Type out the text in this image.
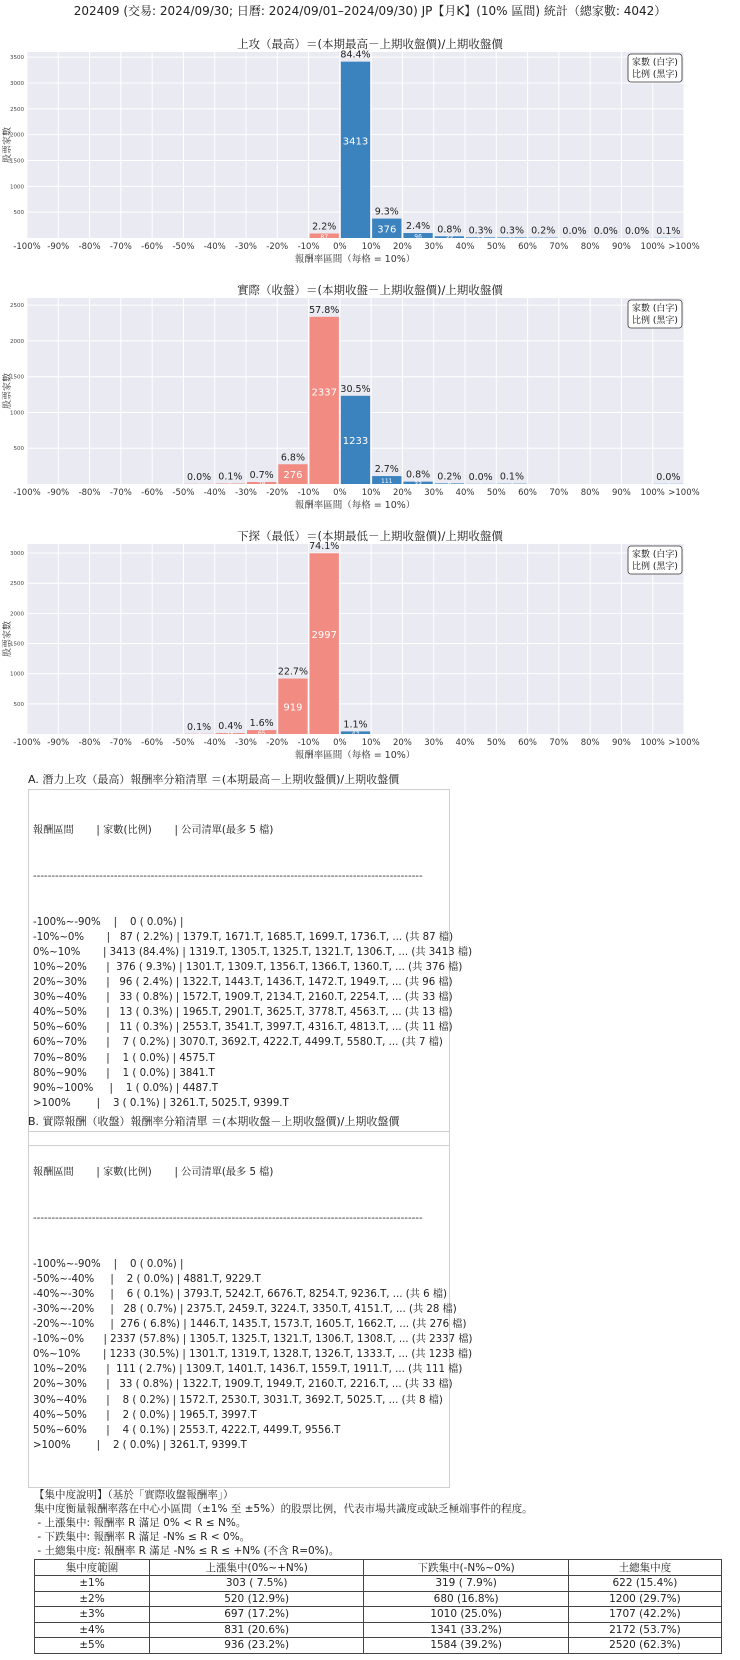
202409 (交易: 2024/09/30; 日曆: 2024/09/01–2024/09/30) JP【月K】(10% 區間) 統計（總家數: 4042）
上攻（最高）＝(本期最高－上期收盤價)/上期收盤價
500
1000
1500
2000
2500
3000
3500
-100% -90% -80% -70% -60% -50% -40% -30% -20% -10% 0% 10% 20% 30% 40% 50% 60% 70% 80% 90% 100% >100%
2.2%
87
84.4%
3413
9.3%
376 2.4%
96
0.8%
33
0.3%
13
0.3%
11
0.2%
7
0.0%
1
0.0%
1
0.0%
1
0.1%
3
報酬率區間（每格 = 10%）
股票家數
家數 (白字)
比例 (黑字)
實際（收盤）＝(本期收盤－上期收盤價)/上期收盤價
500
1000
1500
2000
2500
-100% -90% -80% -70% -60% -50% -40% -30% -20% -10% 0% 10% 20% 30% 40% 50% 60% 70% 80% 90% 100% >100%
0.0%
2
0.1%
6
0.7%
28
6.8%
276
57.8%
2337 30.5%
1233
2.7%
111
0.8%
33
0.2%
8
0.0%
2
0.1%
4
0.0%
2
報酬率區間（每格 = 10%）
股票家數
家數 (白字)
比例 (黑字)
下探（最低）＝(本期最低－上期收盤價)/上期收盤價
500
1000
1500
2000
2500
3000
-100% -90% -80% -70% -60% -50% -40% -30% -20% -10% 0% 10% 20% 30% 40% 50% 60% 70% 80% 90% 100% >100%
0.1%
3
0.4%
15
1.6%
65
22.7%
919
74.1%
2997
1.1%
43
報酬率區間（每格 = 10%）
股票家數
家數 (白字)
比例 (黑字)
A. 潛力上攻（最高）報酬率分箱清單 ＝(本期最高－上期收盤價)/上期收盤價

報酬區間       | 家數(比例)       | 公司清單(最多 5 檔)

----------------------------------------------------------------------------------------------------------

-100%~-90%    |    0 ( 0.0%) |
-10%~0%       |   87 ( 2.2%) | 1379.T, 1671.T, 1685.T, 1699.T, 1736.T, ... (共 87 檔)
0%~10%       | 3413 (84.4%) | 1319.T, 1305.T, 1325.T, 1321.T, 1306.T, ... (共 3413 檔)
10%~20%      |  376 ( 9.3%) | 1301.T, 1309.T, 1356.T, 1366.T, 1360.T, ... (共 376 檔)
20%~30%      |   96 ( 2.4%) | 1322.T, 1443.T, 1436.T, 1472.T, 1949.T, ... (共 96 檔)
30%~40%      |   33 ( 0.8%) | 1572.T, 1909.T, 2134.T, 2160.T, 2254.T, ... (共 33 檔)
40%~50%      |   13 ( 0.3%) | 1965.T, 2901.T, 3625.T, 3778.T, 4563.T, ... (共 13 檔)
50%~60%      |   11 ( 0.3%) | 2553.T, 3541.T, 3997.T, 4316.T, 4813.T, ... (共 11 檔)
60%~70%      |    7 ( 0.2%) | 3070.T, 3692.T, 4222.T, 4499.T, 5580.T, ... (共 7 檔)
70%~80%      |    1 ( 0.0%) | 4575.T
80%~90%      |    1 ( 0.0%) | 3841.T
90%~100%     |    1 ( 0.0%) | 4487.T
>100%        |    3 ( 0.1%) | 3261.T, 5025.T, 9399.T

B. 實際報酬（收盤）報酬率分箱清單 ＝(本期收盤－上期收盤價)/上期收盤價

報酬區間       | 家數(比例)       | 公司清單(最多 5 檔)

----------------------------------------------------------------------------------------------------------

-100%~-90%    |    0 ( 0.0%) |
-50%~-40%     |    2 ( 0.0%) | 4881.T, 9229.T
-40%~-30%     |    6 ( 0.1%) | 3793.T, 5242.T, 6676.T, 8254.T, 9236.T, ... (共 6 檔)
-30%~-20%     |   28 ( 0.7%) | 2375.T, 2459.T, 3224.T, 3350.T, 4151.T, ... (共 28 檔)
-20%~-10%     |  276 ( 6.8%) | 1446.T, 1435.T, 1573.T, 1605.T, 1662.T, ... (共 276 檔)
-10%~0%      | 2337 (57.8%) | 1305.T, 1325.T, 1321.T, 1306.T, 1308.T, ... (共 2337 檔)
0%~10%       | 1233 (30.5%) | 1301.T, 1319.T, 1328.T, 1326.T, 1333.T, ... (共 1233 檔)
10%~20%      |  111 ( 2.7%) | 1309.T, 1401.T, 1436.T, 1559.T, 1911.T, ... (共 111 檔)
20%~30%      |   33 ( 0.8%) | 1322.T, 1909.T, 1949.T, 2160.T, 2216.T, ... (共 33 檔)
30%~40%      |    8 ( 0.2%) | 1572.T, 2530.T, 3031.T, 3692.T, 5025.T, ... (共 8 檔)
40%~50%      |    2 ( 0.0%) | 1965.T, 3997.T
50%~60%      |    4 ( 0.1%) | 2553.T, 4222.T, 4499.T, 9556.T
>100%        |    2 ( 0.0%) | 3261.T, 9399.T

【集中度說明】（基於「實際收盤報酬率」）

集中度衡量報酬率落在中心小區間（±1% 至 ±5%）的股票比例，代表市場共識度或缺乏極端事件的程度。

- 上漲集中: 報酬率 R 滿足 0% < R ≤ N%。

- 下跌集中: 報酬率 R 滿足 -N% ≤ R < 0%。

- 土總集中度: 報酬率 R 滿足 -N% ≤ R ≤ +N% (不含 R=0%)。

集中度範圍	上漲集中(0%~+N%)	下跌集中(-N%~0%)	土總集中度
±1%	303 ( 7.5%)	319 ( 7.9%)	622 (15.4%)
±2%	520 (12.9%)	680 (16.8%)	1200 (29.7%)
±3%	697 (17.2%)	1010 (25.0%)	1707 (42.2%)
±4%	831 (20.6%)	1341 (33.2%)	2172 (53.7%)
±5%	936 (23.2%)	1584 (39.2%)	2520 (62.3%)
